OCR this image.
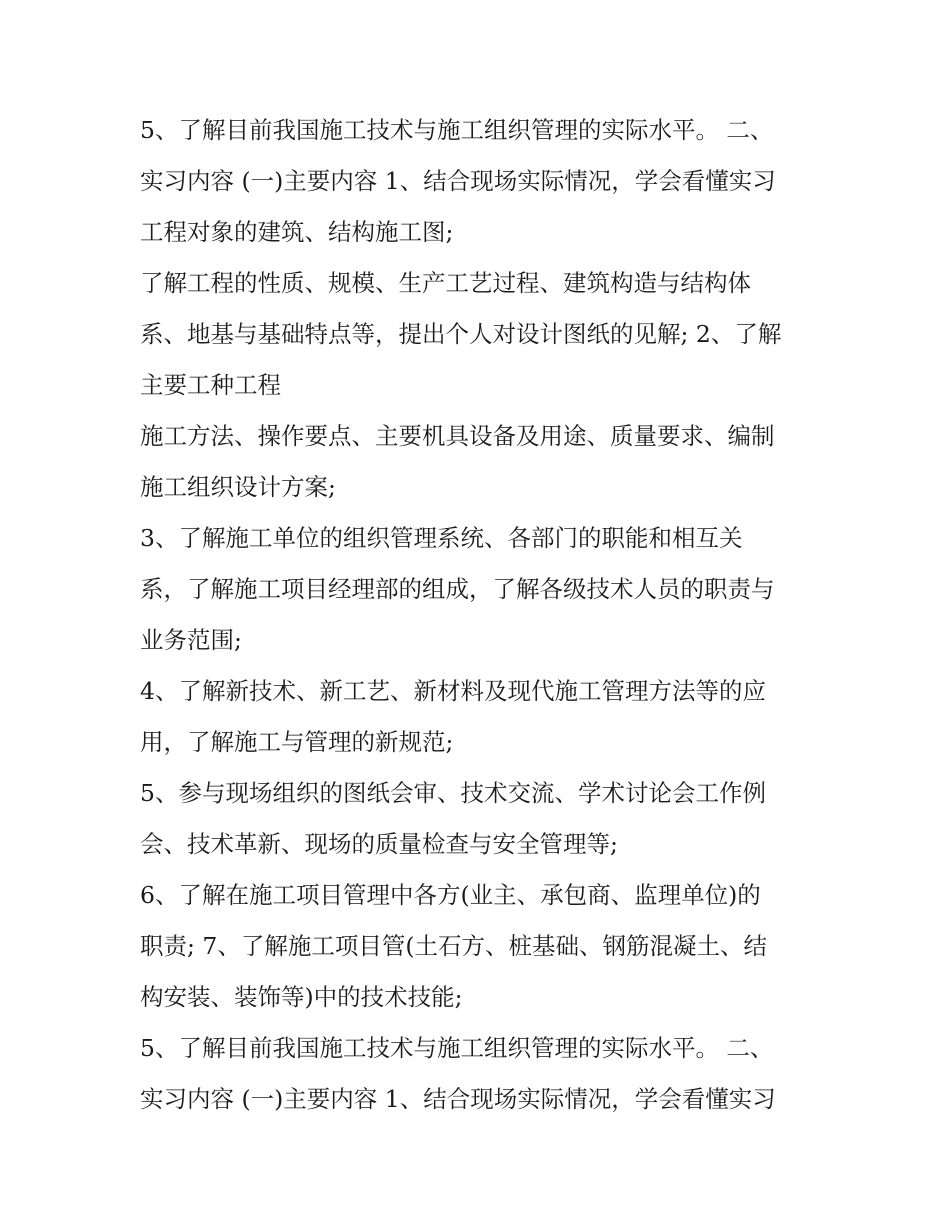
5、了解目前我国施工技术与施工组织管理的实际水平。 二、
实习内容 (一)主要内容 1、结合现场实际情况，学会看懂实习
工程对象的建筑、结构施工图;
了解工程的性质、规模、生产工艺过程、建筑构造与结构体
系、地基与基础特点等，提出个人对设计图纸的见解; 2、了解
主要工种工程
施工方法、操作要点、主要机具设备及用途、质量要求、编制
施工组织设计方案;
3、了解施工单位的组织管理系统、各部门的职能和相互关
系，了解施工项目经理部的组成，了解各级技术人员的职责与
业务范围;
4、了解新技术、新工艺、新材料及现代施工管理方法等的应
用，了解施工与管理的新规范;
5、参与现场组织的图纸会审、技术交流、学术讨论会工作例
会、技术革新、现场的质量检查与安全管理等;
6、了解在施工项目管理中各方(业主、承包商、监理单位)的
职责; 7、了解施工项目管(土石方、桩基础、钢筋混凝土、结
构安装、装饰等)中的技术技能;
5、了解目前我国施工技术与施工组织管理的实际水平。 二、
实习内容 (一)主要内容 1、结合现场实际情况，学会看懂实习
